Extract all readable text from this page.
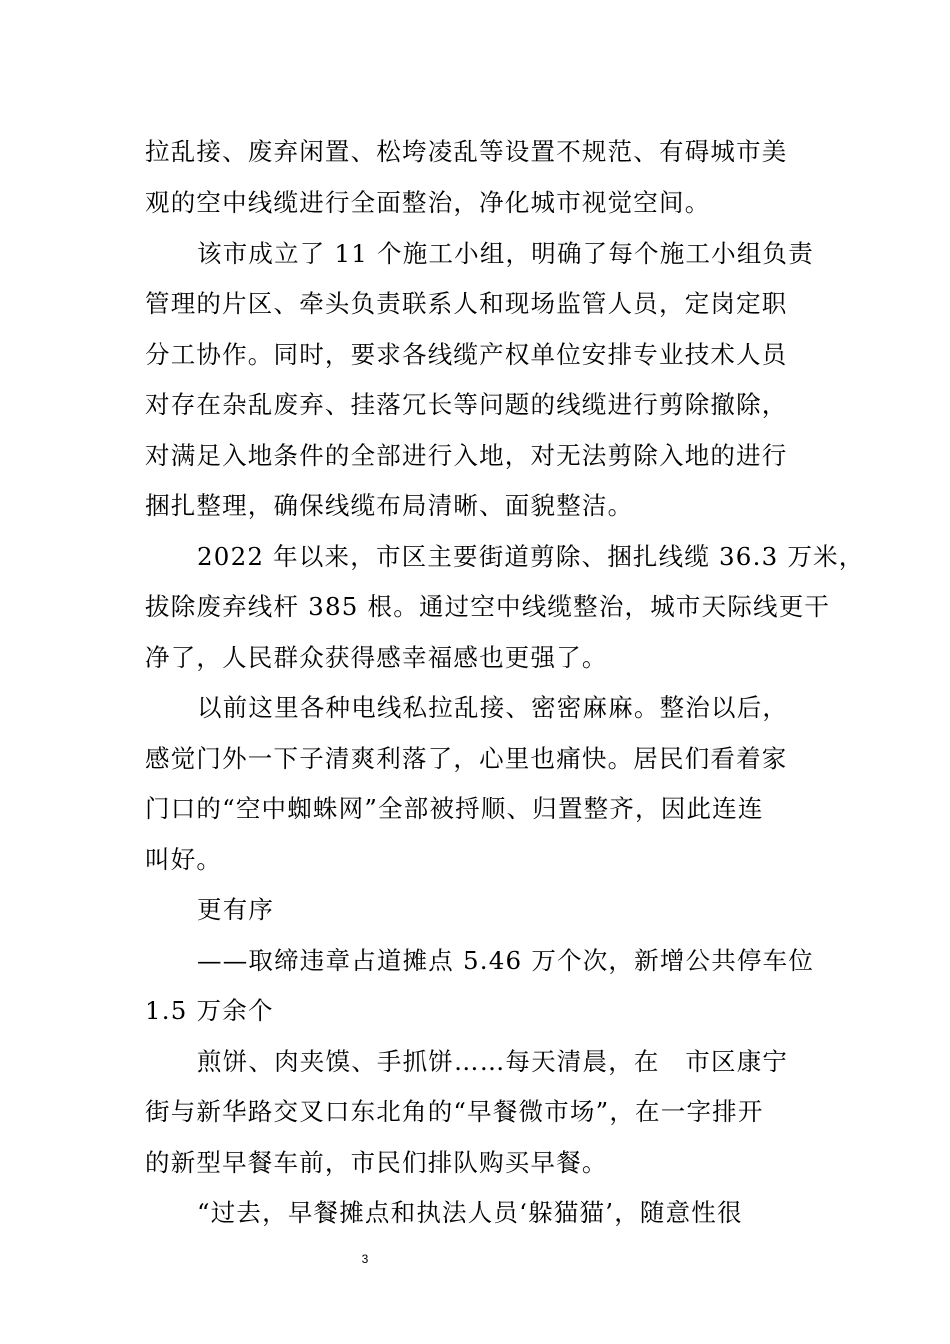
拉乱接、废弃闲置、松垮凌乱等设置不规范、有碍城市美
观的空中线缆进行全面整治，净化城市视觉空间。
该市成立了 11 个施工小组，明确了每个施工小组负责
管理的片区、牵头负责联系人和现场监管人员，定岗定职
分工协作。同时，要求各线缆产权单位安排专业技术人员
对存在杂乱废弃、挂落冗长等问题的线缆进行剪除撤除，
对满足入地条件的全部进行入地，对无法剪除入地的进行
捆扎整理，确保线缆布局清晰、面貌整洁。
2022 年以来，市区主要街道剪除、捆扎线缆 36.3 万米，
拔除废弃线杆 385 根。通过空中线缆整治，城市天际线更干
净了，人民群众获得感幸福感也更强了。
以前这里各种电线私拉乱接、密密麻麻。整治以后，
感觉门外一下子清爽利落了，心里也痛快。居民们看着家
门口的“空中蜘蛛网”全部被捋顺、归置整齐，因此连连
叫好。
更有序
——取缔违章占道摊点 5.46 万个次，新增公共停车位
1.5 万余个
煎饼、肉夹馍、手抓饼……每天清晨，在　市区康宁
街与新华路交叉口东北角的“早餐微市场”，在一字排开
的新型早餐车前，市民们排队购买早餐。
“过去，早餐摊点和执法人员‘躲猫猫’，随意性很
3
